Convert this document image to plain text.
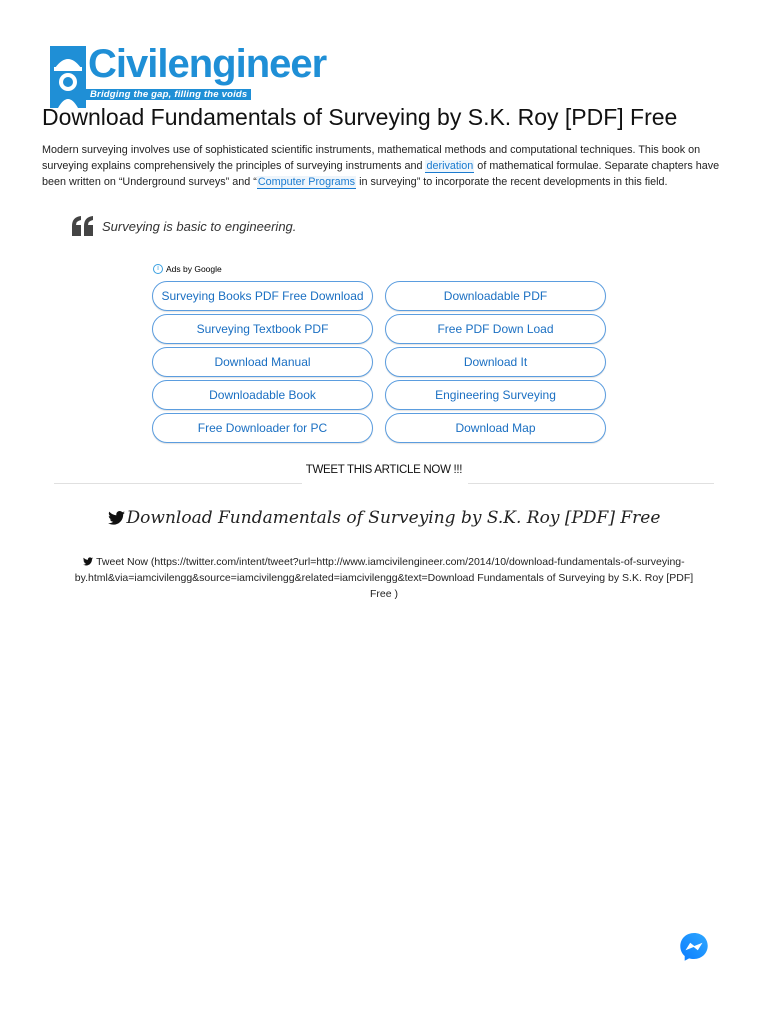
Civilengineer
Bridging the gap, filling the voids
Download Fundamentals of Surveying by S.K. Roy [PDF] Free
Modern surveying involves use of sophisticated scientific instruments, mathematical methods and computational techniques. This book on surveying explains comprehensively the principles of surveying instruments and derivation of mathematical formulae. Separate chapters have been written on “Underground surveys” and “Computer Programs in surveying” to incorporate the recent developments in this field.
Surveying is basic to engineering.
i Ads by Google
Surveying Books PDF Free Download	Downloadable PDF
Surveying Textbook PDF	Free PDF Down Load
Download Manual	Download It
Downloadable Book	Engineering Surveying
Free Downloader for PC	Download Map
TWEET THIS ARTICLE NOW !!!
Download Fundamentals of Surveying by S.K. Roy [PDF] Free
Tweet Now (https://twitter.com/intent/tweet?url=http://www.iamcivilengineer.com/2014/10/download-fundamentals-of-surveying-by.html&via=iamcivilengg&source=iamcivilengg&related=iamcivilengg&text=Download Fundamentals of Surveying by S.K. Roy [PDF] Free )
